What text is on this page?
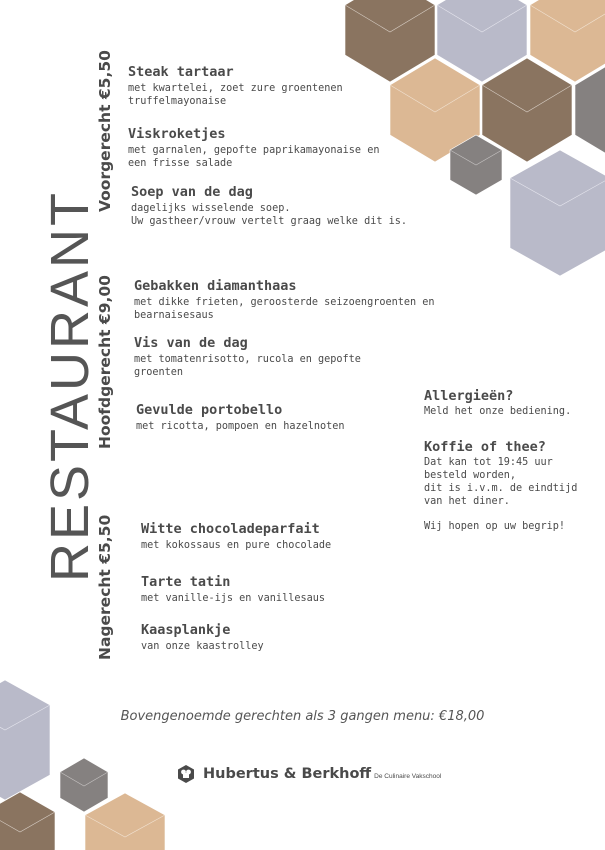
RESTAURANT
Voorgerecht €5,50
Hoofdgerecht €9,00
Nagerecht €5,50
Steak tartaar
met kwartelei, zoet zure groentenen
truffelmayonaise
Viskroketjes
met garnalen, gepofte paprikamayonaise en
een frisse salade
Soep van de dag
dagelijks wisselende soep.
Uw gastheer/vrouw vertelt graag welke dit is.
Gebakken diamanthaas
met dikke frieten, geroosterde seizoengroenten en
bearnaisesaus
Vis van de dag
met tomatenrisotto, rucola en gepofte
groenten
Gevulde portobello
met ricotta, pompoen en hazelnoten
Witte chocoladeparfait
met kokossaus en pure chocolade
Tarte tatin
met vanille-ijs en vanillesaus
Kaasplankje
van onze kaastrolley
Allergieën?
Meld het onze bediening.
Koffie of thee?
Dat kan tot 19:45 uur
besteld worden,
dit is i.v.m. de eindtijd
van het diner.
Wij hopen op uw begrip!
Bovengenoemde gerechten als 3 gangen menu: €18,00
Hubertus & Berkhoff De Culinaire Vakschool
